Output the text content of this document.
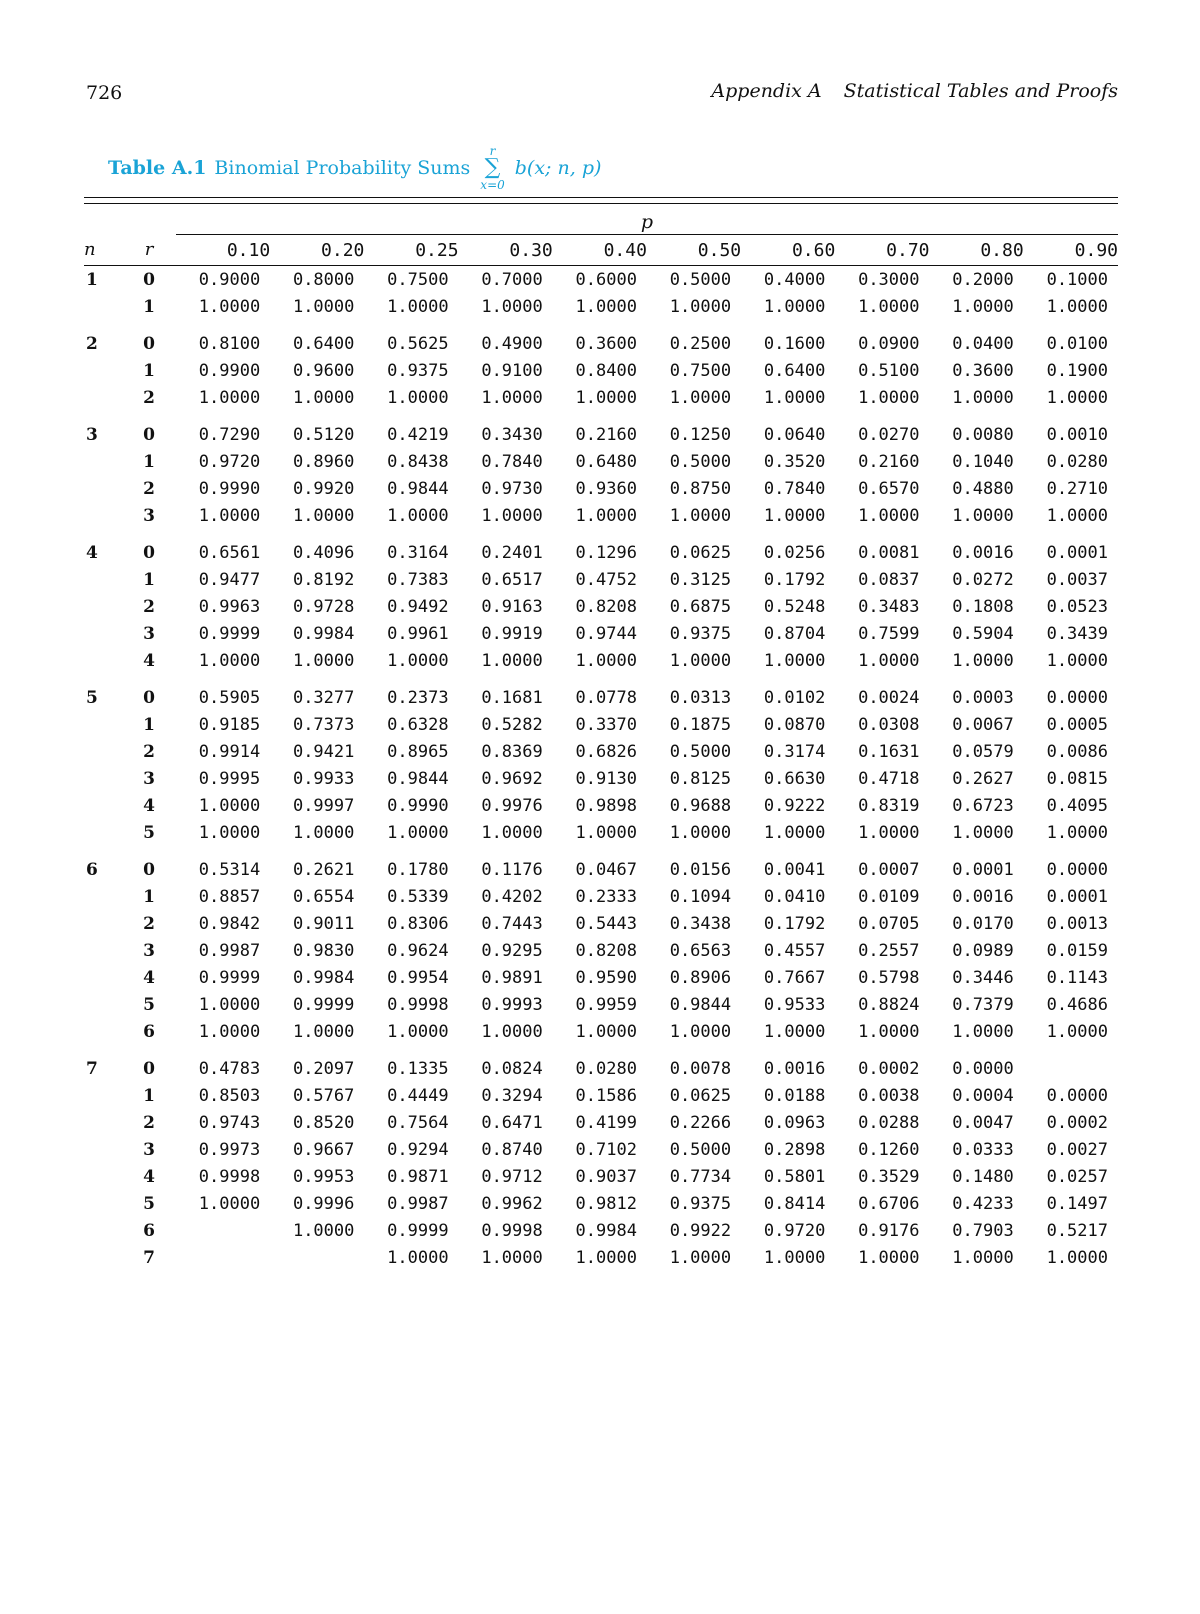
726	Appendix A Statistical Tables and Proofs
Table A.1 Binomial Probability Sums
r
∑
x=0
b(x; n, p)
		p									
n	r	0.10	0.20	0.25	0.30	0.40	0.50	0.60	0.70	0.80	0.90
1	0	0.9000	0.8000	0.7500	0.7000	0.6000	0.5000	0.4000	0.3000	0.2000	0.1000
	1	1.0000	1.0000	1.0000	1.0000	1.0000	1.0000	1.0000	1.0000	1.0000	1.0000

2	0	0.8100	0.6400	0.5625	0.4900	0.3600	0.2500	0.1600	0.0900	0.0400	0.0100
	1	0.9900	0.9600	0.9375	0.9100	0.8400	0.7500	0.6400	0.5100	0.3600	0.1900
	2	1.0000	1.0000	1.0000	1.0000	1.0000	1.0000	1.0000	1.0000	1.0000	1.0000

3	0	0.7290	0.5120	0.4219	0.3430	0.2160	0.1250	0.0640	0.0270	0.0080	0.0010
	1	0.9720	0.8960	0.8438	0.7840	0.6480	0.5000	0.3520	0.2160	0.1040	0.0280
	2	0.9990	0.9920	0.9844	0.9730	0.9360	0.8750	0.7840	0.6570	0.4880	0.2710
	3	1.0000	1.0000	1.0000	1.0000	1.0000	1.0000	1.0000	1.0000	1.0000	1.0000

4	0	0.6561	0.4096	0.3164	0.2401	0.1296	0.0625	0.0256	0.0081	0.0016	0.0001
	1	0.9477	0.8192	0.7383	0.6517	0.4752	0.3125	0.1792	0.0837	0.0272	0.0037
	2	0.9963	0.9728	0.9492	0.9163	0.8208	0.6875	0.5248	0.3483	0.1808	0.0523
	3	0.9999	0.9984	0.9961	0.9919	0.9744	0.9375	0.8704	0.7599	0.5904	0.3439
	4	1.0000	1.0000	1.0000	1.0000	1.0000	1.0000	1.0000	1.0000	1.0000	1.0000

5	0	0.5905	0.3277	0.2373	0.1681	0.0778	0.0313	0.0102	0.0024	0.0003	0.0000
	1	0.9185	0.7373	0.6328	0.5282	0.3370	0.1875	0.0870	0.0308	0.0067	0.0005
	2	0.9914	0.9421	0.8965	0.8369	0.6826	0.5000	0.3174	0.1631	0.0579	0.0086
	3	0.9995	0.9933	0.9844	0.9692	0.9130	0.8125	0.6630	0.4718	0.2627	0.0815
	4	1.0000	0.9997	0.9990	0.9976	0.9898	0.9688	0.9222	0.8319	0.6723	0.4095
	5	1.0000	1.0000	1.0000	1.0000	1.0000	1.0000	1.0000	1.0000	1.0000	1.0000

6	0	0.5314	0.2621	0.1780	0.1176	0.0467	0.0156	0.0041	0.0007	0.0001	0.0000
	1	0.8857	0.6554	0.5339	0.4202	0.2333	0.1094	0.0410	0.0109	0.0016	0.0001
	2	0.9842	0.9011	0.8306	0.7443	0.5443	0.3438	0.1792	0.0705	0.0170	0.0013
	3	0.9987	0.9830	0.9624	0.9295	0.8208	0.6563	0.4557	0.2557	0.0989	0.0159
	4	0.9999	0.9984	0.9954	0.9891	0.9590	0.8906	0.7667	0.5798	0.3446	0.1143
	5	1.0000	0.9999	0.9998	0.9993	0.9959	0.9844	0.9533	0.8824	0.7379	0.4686
	6	1.0000	1.0000	1.0000	1.0000	1.0000	1.0000	1.0000	1.0000	1.0000	1.0000

7	0	0.4783	0.2097	0.1335	0.0824	0.0280	0.0078	0.0016	0.0002	0.0000	
	1	0.8503	0.5767	0.4449	0.3294	0.1586	0.0625	0.0188	0.0038	0.0004	0.0000
	2	0.9743	0.8520	0.7564	0.6471	0.4199	0.2266	0.0963	0.0288	0.0047	0.0002
	3	0.9973	0.9667	0.9294	0.8740	0.7102	0.5000	0.2898	0.1260	0.0333	0.0027
	4	0.9998	0.9953	0.9871	0.9712	0.9037	0.7734	0.5801	0.3529	0.1480	0.0257
	5	1.0000	0.9996	0.9987	0.9962	0.9812	0.9375	0.8414	0.6706	0.4233	0.1497
	6		1.0000	0.9999	0.9998	0.9984	0.9922	0.9720	0.9176	0.7903	0.5217
	7			1.0000	1.0000	1.0000	1.0000	1.0000	1.0000	1.0000	1.0000
